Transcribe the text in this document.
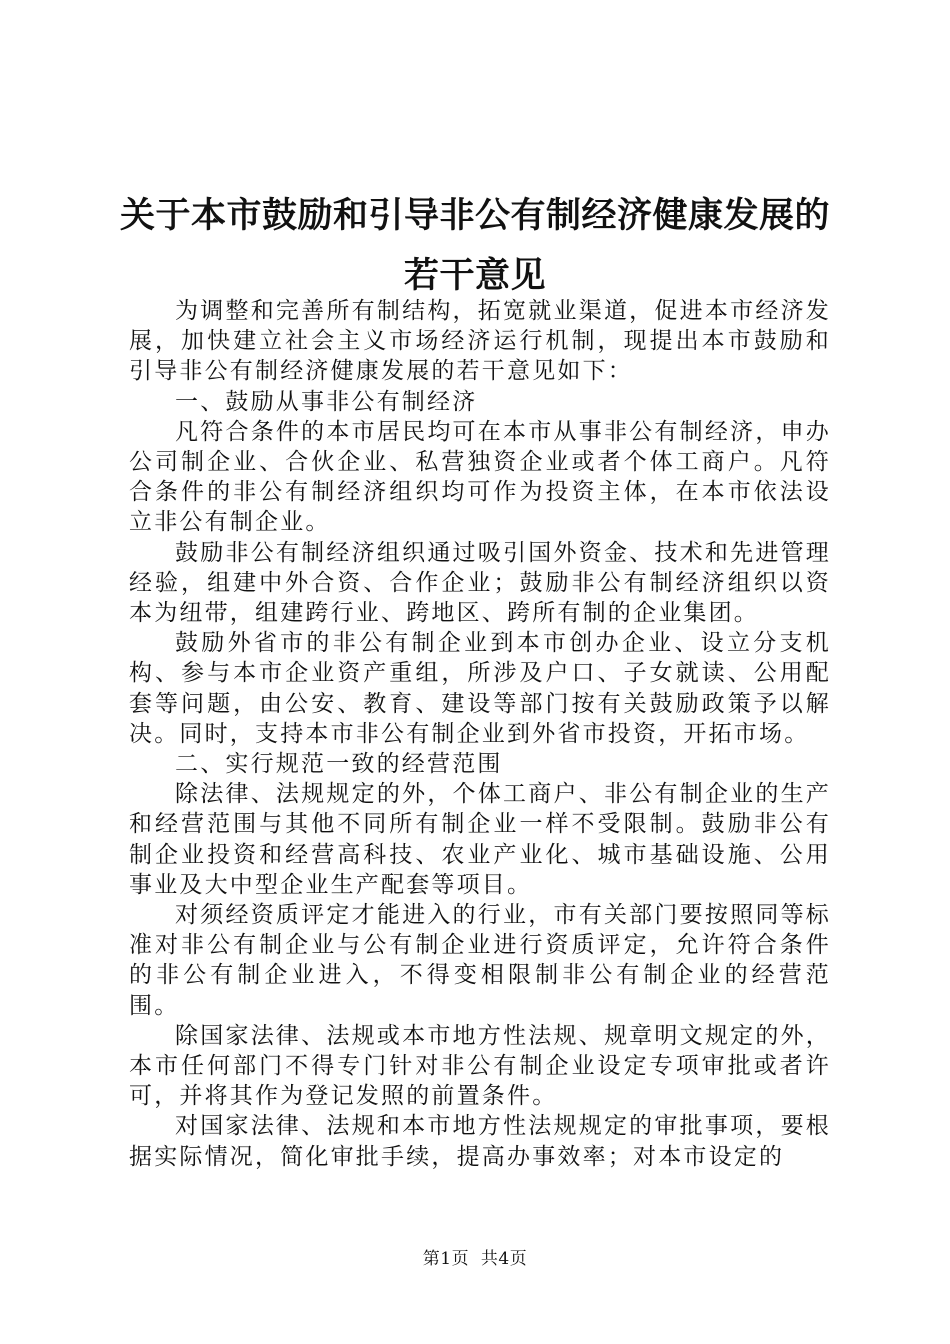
关于本市鼓励和引导非公有制经济健康发展的
若干意见

为调整和完善所有制结构，拓宽就业渠道，促进本市经济发展，加快建立社会主义市场经济运行机制，现提出本市鼓励和引导非公有制经济健康发展的若干意见如下：

一、鼓励从事非公有制经济

凡符合条件的本市居民均可在本市从事非公有制经济，申办公司制企业、合伙企业、私营独资企业或者个体工商户。凡符合条件的非公有制经济组织均可作为投资主体，在本市依法设立非公有制企业。

鼓励非公有制经济组织通过吸引国外资金、技术和先进管理经验，组建中外合资、合作企业；鼓励非公有制经济组织以资本为纽带，组建跨行业、跨地区、跨所有制的企业集团。

鼓励外省市的非公有制企业到本市创办企业、设立分支机构、参与本市企业资产重组，所涉及户口、子女就读、公用配套等问题，由公安、教育、建设等部门按有关鼓励政策予以解决。同时，支持本市非公有制企业到外省市投资，开拓市场。

二、实行规范一致的经营范围

除法律、法规规定的外，个体工商户、非公有制企业的生产和经营范围与其他不同所有制企业一样不受限制。鼓励非公有制企业投资和经营高科技、农业产业化、城市基础设施、公用事业及大中型企业生产配套等项目。

对须经资质评定才能进入的行业，市有关部门要按照同等标准对非公有制企业与公有制企业进行资质评定，允许符合条件的非公有制企业进入，不得变相限制非公有制企业的经营范围。

除国家法律、法规或本市地方性法规、规章明文规定的外，本市任何部门不得专门针对非公有制企业设定专项审批或者许可，并将其作为登记发照的前置条件。

对国家法律、法规和本市地方性法规规定的审批事项，要根据实际情况，简化审批手续，提高办事效率；对本市设定的

第1页  共4页
